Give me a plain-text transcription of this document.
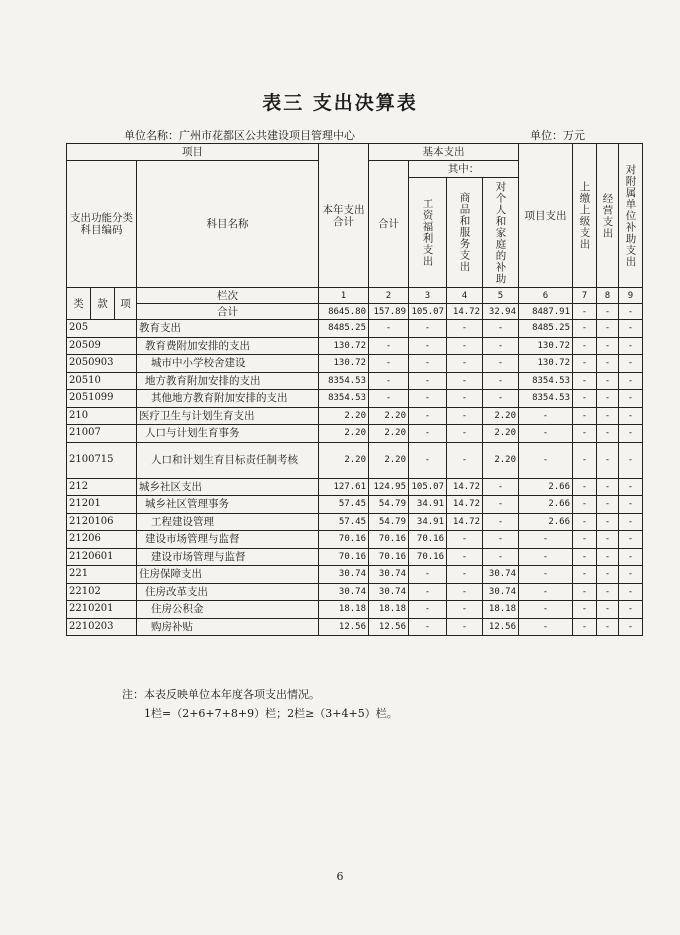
表三 支出决算表
单位名称：广州市花都区公共建设项目管理中心	单位：万元
项目				本年支出合计	基本支出				项目支出	上缴上级支出	经营支出	对附属单位补助支出

支出功能分类科目编码			科目名称		合计	其中：						

						工资福利支出	商品和服务支出	对个人和家庭的补助				

类	款	项	栏次	1	2	3	4	5	6	7	8	9
			合计	8645.80	157.89	105.07	14.72	32.94	8487.91	-	-	-
205			教育支出	8485.25	-	-	-	-	8485.25	-	-	-
20509			教育费附加安排的支出	130.72	-	-	-	-	130.72	-	-	-
2050903			城市中小学校舍建设	130.72	-	-	-	-	130.72	-	-	-
20510			地方教育附加安排的支出	8354.53	-	-	-	-	8354.53	-	-	-
2051099			其他地方教育附加安排的支出	8354.53	-	-	-	-	8354.53	-	-	-
210			医疗卫生与计划生育支出	2.20	2.20	-	-	2.20	-	-	-	-
21007			人口与计划生育事务	2.20	2.20	-	-	2.20	-	-	-	-
2100715			人口和计划生育目标责任制考核	2.20	2.20	-	-	2.20	-	-	-	-
212			城乡社区支出	127.61	124.95	105.07	14.72	-	2.66	-	-	-
21201			城乡社区管理事务	57.45	54.79	34.91	14.72	-	2.66	-	-	-
2120106			工程建设管理	57.45	54.79	34.91	14.72	-	2.66	-	-	-
21206			建设市场管理与监督	70.16	70.16	70.16	-	-	-	-	-	-
2120601			建设市场管理与监督	70.16	70.16	70.16	-	-	-	-	-	-
221			住房保障支出	30.74	30.74	-	-	30.74	-	-	-	-
22102			住房改革支出	30.74	30.74	-	-	30.74	-	-	-	-
2210201			住房公积金	18.18	18.18	-	-	18.18	-	-	-	-
2210203			购房补贴	12.56	12.56	-	-	12.56	-	-	-	-
注：本表反映单位本年度各项支出情况。
1栏=（2+6+7+8+9）栏；2栏≥（3+4+5）栏。
6
